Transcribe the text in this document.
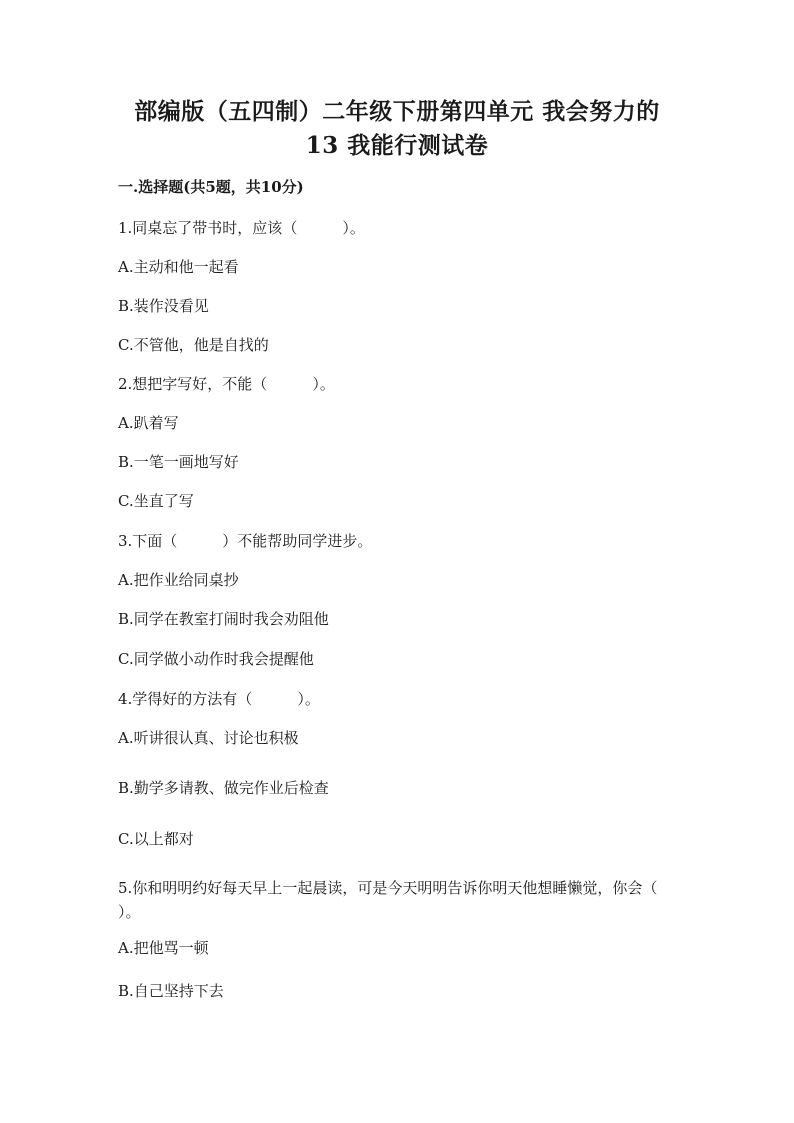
部编版（五四制）二年级下册第四单元 我会努力的
13 我能行测试卷
一.选择题(共5题，共10分)
1.同桌忘了带书时，应该（　　　）。
A.主动和他一起看
B.装作没看见
C.不管他，他是自找的
2.想把字写好，不能（　　　）。
A.趴着写
B.一笔一画地写好
C.坐直了写
3.下面（　　　）不能帮助同学进步。
A.把作业给同桌抄
B.同学在教室打闹时我会劝阻他
C.同学做小动作时我会提醒他
4.学得好的方法有（　　　）。
A.听讲很认真、讨论也积极
B.勤学多请教、做完作业后检查
C.以上都对
5.你和明明约好每天早上一起晨读，可是今天明明告诉你明天他想睡懒觉，你会（　　）。
A.把他骂一顿
B.自己坚持下去
